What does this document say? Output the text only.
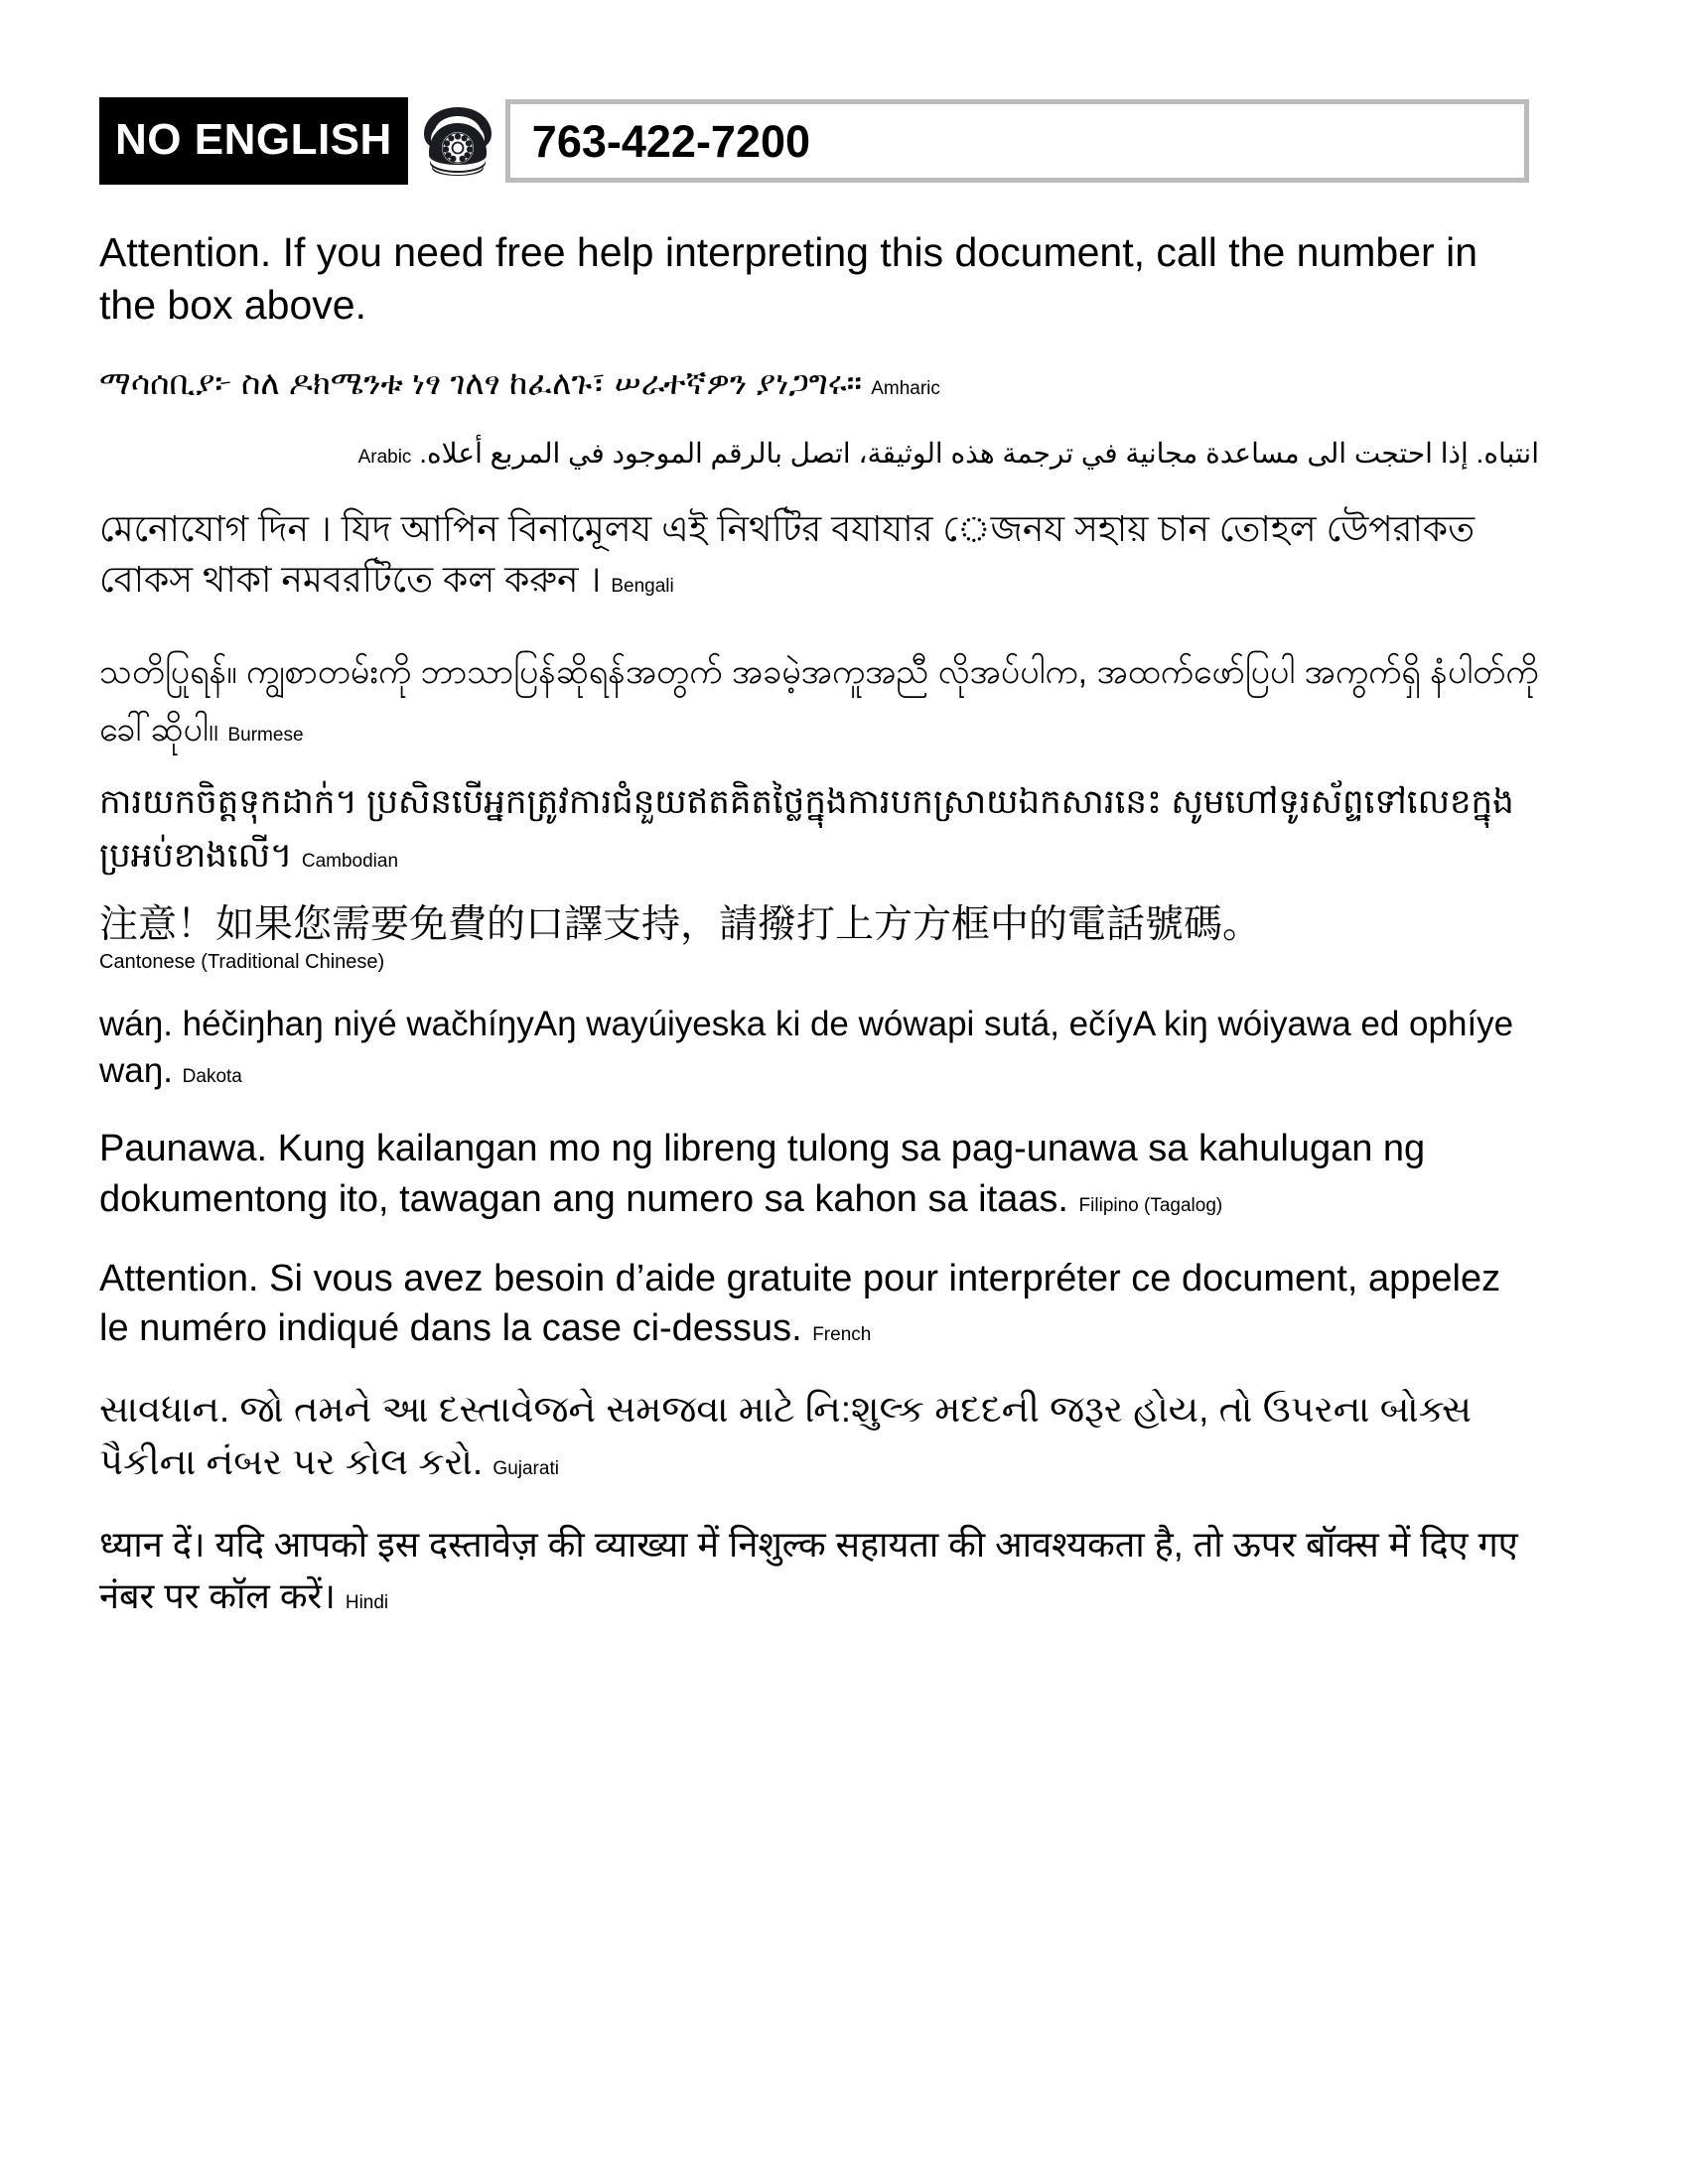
NO ENGLISH	763-422-7200

Attention. If you need free help interpreting this document, call the number in the box above.

ማሳሰቢያ፦ ስለ ዶክሜንቱ ነፃ ገለፃ ከፈለጉ፣ ሠራተኛዎን ያነጋግሩ። Amharic

انتباه. إذا احتجت الى مساعدة مجانية في ترجمة هذه الوثيقة، اتصل بالرقم الموجود في المربع أعلاه. Arabic

মেনােযােগ দিন । যিদ আপিন বিনামূেলয এই নিথটির বযাযার েজনয সহায় চান তােহল উেপরাকত বােকস থাকা নমবরটিতে কল করুন । Bengali

သတိပြုရန်။ ကျွစာတမ်းကို ဘာသာပြန်ဆိုရန်အတွက် အခမဲ့အကူအညီ လိုအပ်ပါက, အထက်ဖော်ပြပါ အကွက်ရှိ နံပါတ်ကို ခေါ်ဆိုပါ။ Burmese

ការយកចិត្តទុកដាក់។ ប្រសិនបើអ្នកត្រូវការជំនួយឥតគិតថ្លៃក្នុងការបកស្រាយឯកសារនេះ សូមហៅទូរស័ព្ទទៅលេខក្នុងប្រអប់ខាងលើ។ Cambodian

注意！如果您需要免費的口譯支持，請撥打上方方框中的電話號碼。

Cantonese (Traditional Chinese)

wáŋ. héčiŋhaŋ niyé wačhíŋyAŋ wayúiyeska ki de wówapi sutá, ečíyA kiŋ wóiyawa ed ophíye waŋ. Dakota

Paunawa. Kung kailangan mo ng libreng tulong sa pag-unawa sa kahulugan ng dokumentong ito, tawagan ang numero sa kahon sa itaas. Filipino (Tagalog)

Attention. Si vous avez besoin d’aide gratuite pour interpréter ce document, appelez le numéro indiqué dans la case ci-dessus. French

સાવધાન. જો તમને આ દસ્તાવેજને સમજવા માટે નિ:શુલ્ક મદદની જરૂર હોય, તો ઉપરના બોક્સ પૈકીના નંબર પર કોલ કરો. Gujarati

ध्यान दें। यदि आपको इस दस्तावेज़ की व्याख्या में निशुल्क सहायता की आवश्यकता है, तो ऊपर बॉक्स में दिए गए नंबर पर कॉल करें। Hindi
